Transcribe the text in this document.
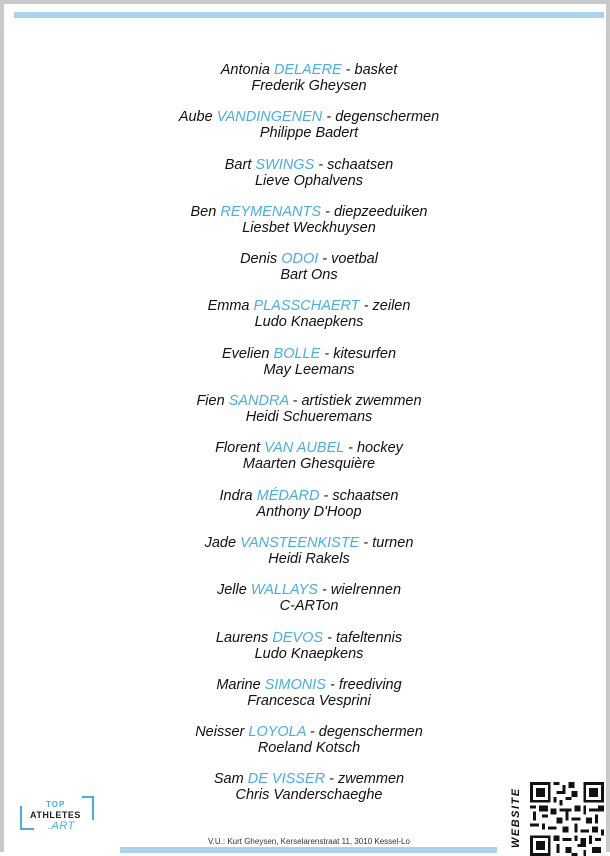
Antonia DELAERE - basket
Frederik Gheysen
Aube VANDINGENEN - degenschermen
Philippe Badert
Bart SWINGS - schaatsen
Lieve Ophalvens
Ben REYMENANTS - diepzeeduiken
Liesbet Weckhuysen
Denis ODOI - voetbal
Bart Ons
Emma PLASSCHAERT - zeilen
Ludo Knaepkens
Evelien BOLLE - kitesurfen
May Leemans
Fien SANDRA - artistiek zwemmen
Heidi Schueremans
Florent VAN AUBEL - hockey
Maarten Ghesquière
Indra MÉDARD - schaatsen
Anthony D'Hoop
Jade VANSTEENKISTE - turnen
Heidi Rakels
Jelle WALLAYS - wielrennen
C-ARTon
Laurens DEVOS - tafeltennis
Ludo Knaepkens
Marine SIMONIS - freediving
Francesca Vesprini
Neisser LOYOLA - degenschermen
Roeland Kotsch
Sam DE VISSER - zwemmen
Chris Vanderschaeghe
TOP
ATHLETES
.ART
V.U.: Kurt Gheysen, Kerselarenstraat 11, 3010 Kessel-Lo	WEBSITE
